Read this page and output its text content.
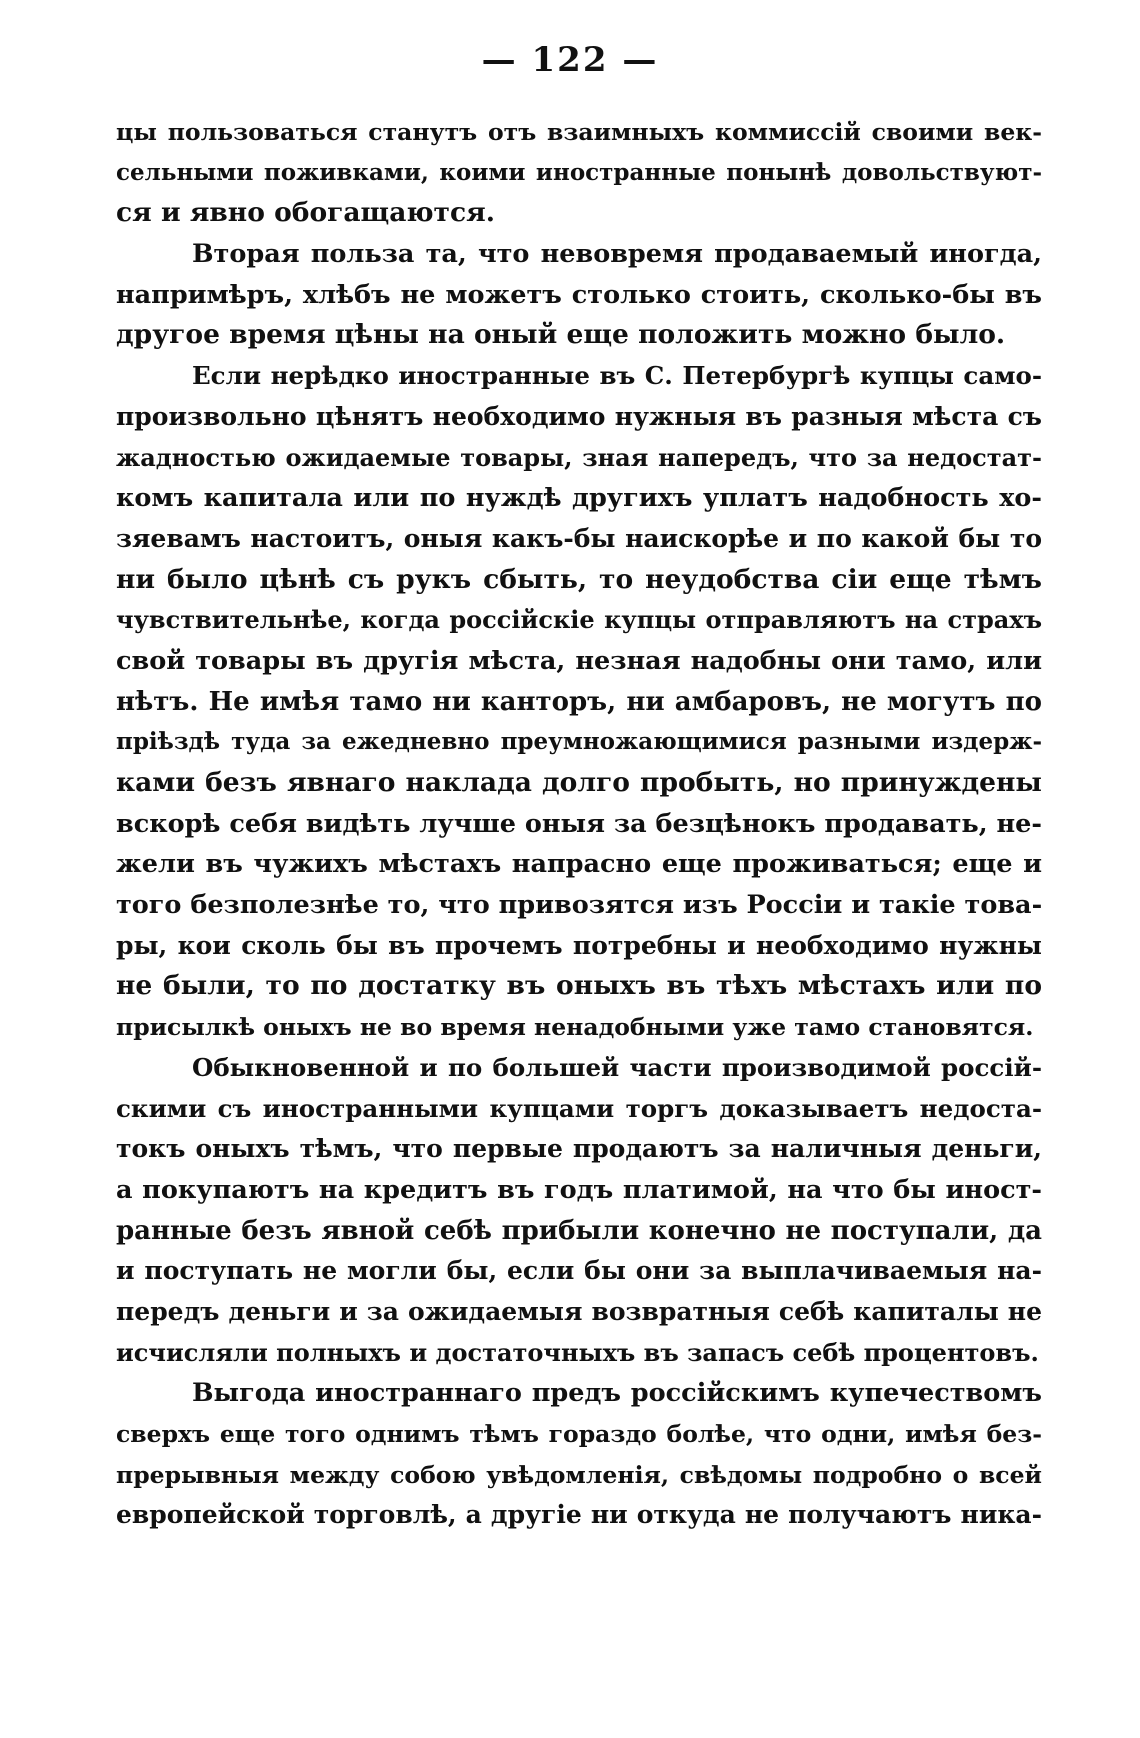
— 122 —
цы пользоваться станутъ отъ взаимныхъ коммиссій своими век-
сельными поживками, коими иностранные понынѣ довольствуют-
ся и явно обогащаются.
Вторая польза та, что невовремя продаваемый иногда,
напримѣръ, хлѣбъ не можетъ столько стоить, сколько-бы въ
другое время цѣны на оный еще положить можно было.
Если нерѣдко иностранные въ С. Петербургѣ купцы само-
произвольно цѣнятъ необходимо нужныя въ разныя мѣста съ
жадностью ожидаемые товары, зная напередъ, что за недостат-
комъ капитала или по нуждѣ другихъ уплатъ надобность хо-
зяевамъ настоитъ, оныя какъ-бы наискорѣе и по какой бы то
ни было цѣнѣ съ рукъ сбыть, то неудобства сіи еще тѣмъ
чувствительнѣе, когда россійскіе купцы отправляютъ на страхъ
свой товары въ другія мѣста, незная надобны они тамо, или
нѣтъ. Не имѣя тамо ни канторъ, ни амбаровъ, не могутъ по
пріѣздѣ туда за ежедневно преумножающимися разными издерж-
ками безъ явнаго наклада долго пробыть, но принуждены
вскорѣ себя видѣть лучше оныя за безцѣнокъ продавать, не-
жели въ чужихъ мѣстахъ напрасно еще проживаться; еще и
того безполезнѣе то, что привозятся изъ Россіи и такіе това-
ры, кои сколь бы въ прочемъ потребны и необходимо нужны
не были, то по достатку въ оныхъ въ тѣхъ мѣстахъ или по
присылкѣ оныхъ не во время ненадобными уже тамо становятся.
Обыкновенной и по большей части производимой россій-
скими съ иностранными купцами торгъ доказываетъ недоста-
токъ оныхъ тѣмъ, что первые продаютъ за наличныя деньги,
а покупаютъ на кредитъ въ годъ платимой, на что бы иност-
ранные безъ явной себѣ прибыли конечно не поступали, да
и поступать не могли бы, если бы они за выплачиваемыя на-
передъ деньги и за ожидаемыя возвратныя себѣ капиталы не
исчисляли полныхъ и достаточныхъ въ запасъ себѣ процентовъ.
Выгода иностраннаго предъ россійскимъ купечествомъ
сверхъ еще того однимъ тѣмъ гораздо болѣе, что одни, имѣя без-
прерывныя между собою увѣдомленія, свѣдомы подробно о всей
европейской торговлѣ, а другіе ни откуда не получаютъ ника-
